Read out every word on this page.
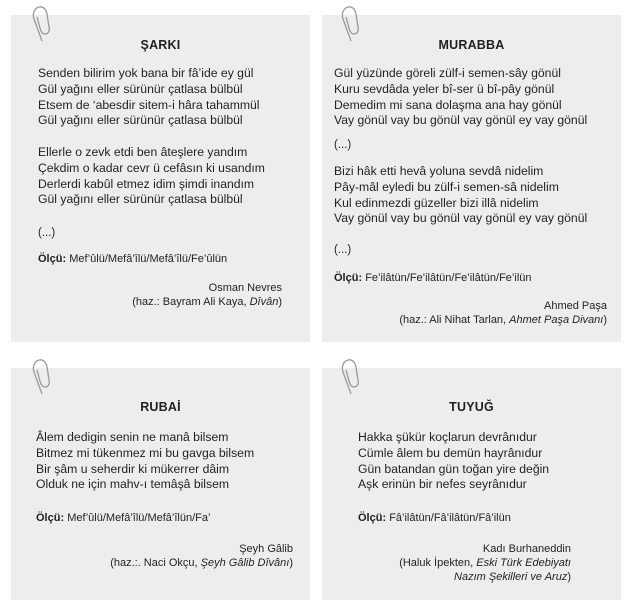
ŞARKI
Senden bilirim yok bana bir fâ’ide ey gül
Gül yağını eller sürünür çatlasa bülbül
Etsem de ‘abesdir sitem-i hâra tahammül
Gül yağını eller sürünür çatlasa bülbül
Ellerle o zevk etdi ben âteşlere yandım
Çekdim o kadar cevr ü cefâsın ki usandım
Derlerdi kabûl etmez idim şimdi inandım
Gül yağını eller sürünür çatlasa bülbül
(...)
Ölçü: Mef’ûlü/Mefâ’îlü/Mefâ’îlü/Fe’ûlün
Osman Nevres
(haz.: Bayram Ali Kaya, Dîvân)
MURABBA
Gül yüzünde göreli zülf-i semen-sây gönül
Kuru sevdâda yeler bî-ser ü bî-pây gönül
Demedim mi sana dolaşma ana hay gönül
Vay gönül vay bu gönül vay gönül ey vay gönül
(...)
Bizi hâk etti hevâ yoluna sevdâ nidelim
Pây-mâl eyledi bu zülf-i semen-sâ nidelim
Kul edinmezdi güzeller bizi illâ nidelim
Vay gönül vay bu gönül vay gönül ey vay gönül
(...)
Ölçü: Fe’ilâtün/Fe’ilâtün/Fe’ilâtün/Fe’ilün
Ahmed Paşa
(haz.: Ali Nihat Tarlan, Ahmet Paşa Divanı)
RUBAİ
Âlem dedigin senin ne manâ bilsem
Bitmez mi tükenmez mi bu gavga bilsem
Bir şâm u seherdir ki mükerrer dâim
Olduk ne için mahv-ı temâşâ bilsem
Ölçü: Mef’ûlü/Mefâ’îlü/Mefâ’îlün/Fa’
Şeyh Gâlib
(haz.:. Naci Okçu, Şeyh Gâlib Dîvânı)
TUYUĞ
Hakka şükür koçlarun devrânıdur
Cümle âlem bu demün hayrânıdur
Gün batandan gün toğan yire değin
Aşk erinün bir nefes seyrânıdur
Ölçü: Fâ’ilâtün/Fâ’ilâtün/Fâ’ilün
Kadı Burhaneddin
(Haluk İpekten, Eski Türk Edebiyatı
Nazım Şekilleri ve Aruz)
